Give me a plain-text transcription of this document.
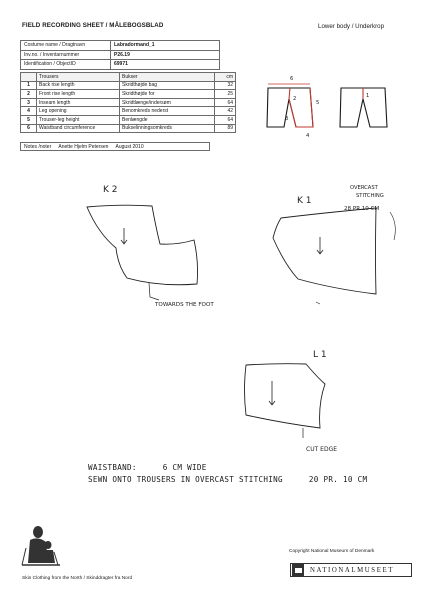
FIELD RECORDING SHEET / MÅLEBOGSBLAD	Lower body / Underkrop
Costume name / Dragtnavn	Labradormand_1
Inv.no. / Inventarnummer	P26.19
Identification / ObjectID	69971
	Trousers	Bukser	cm
1	Back rise length	Skridthøjde bag	32
2	Front rise length	Skridthøjde for	25
3	Inseam length	Skridtlænge/indersøm	64
4	Leg opening	Benomkreds nederst	42
5	Trouser-leg height	Benlængde	64
6	Waistband circumference	Bukselinningsomkreds	89
Notes /noter Anette Hjelm Petersen August 2010
6
2
5
3
4
1
K 2
TOWARDS THE FOOT
K 1
OVERCAST
STITCHING
28 PR.10 CM
L 1
CUT EDGE
WAISTBAND:	6 CM WIDE
SEWN ONTO TROUSERS IN OVERCAST STITCHING	20 PR. 10 CM
Copyright National Museum of Denmark
NATIONALMUSEET
Skin Clothing from the North / Skinddragter fra Nord
